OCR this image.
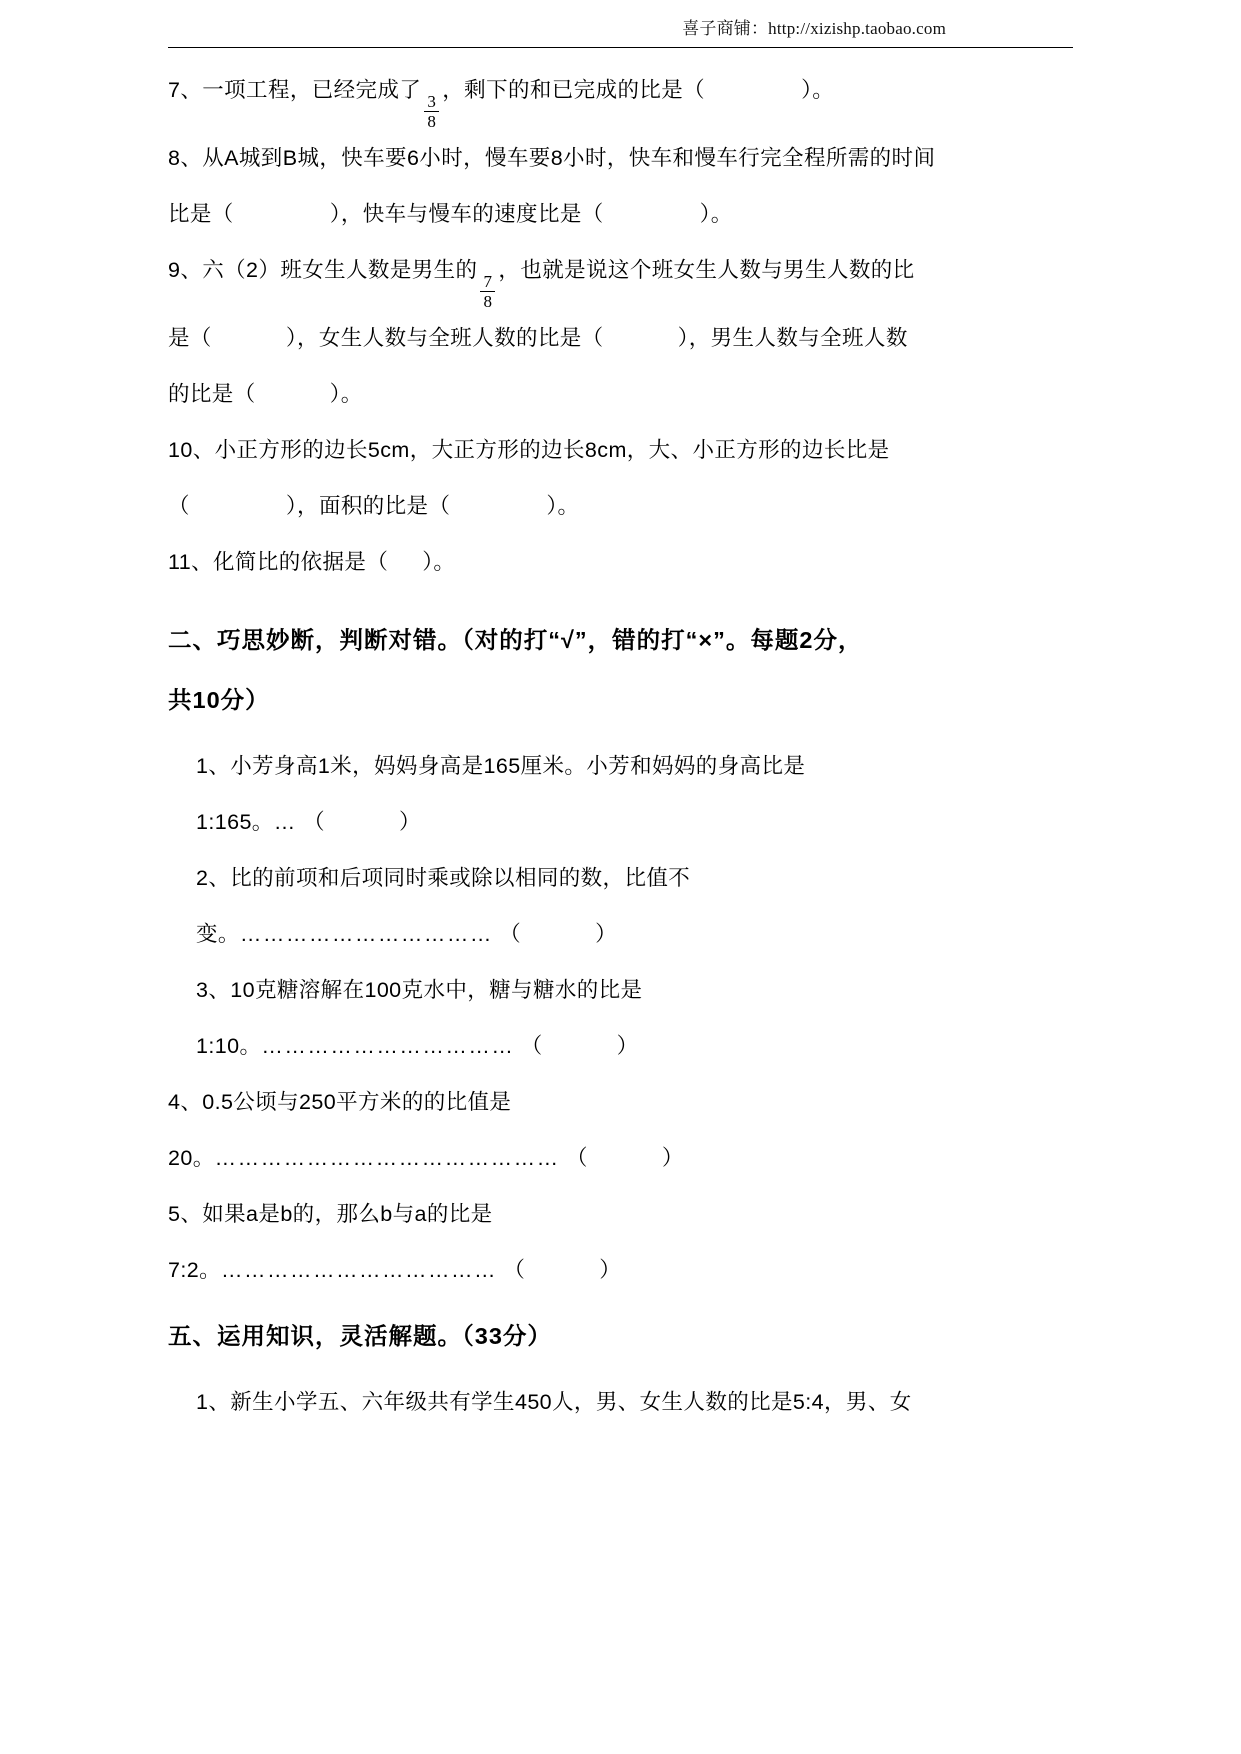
喜子商铺：http://xizishp.taobao.com
7、一项工程，已经完成了
$\frac{3}{8}$
，剩下的和已完成的比是（	）。
8、从A城到B城，快车要6小时，慢车要8小时，快车和慢车行完全程所需的时间
比是（	），快车与慢车的速度比是（	）。
9、六（2）班女生人数是男生的
$\frac{7}{8}$
，也就是说这个班女生人数与男生人数的比
是（	），女生人数与全班人数的比是（	），男生人数与全班人数
的比是（	）。
10、小正方形的边长5cm，大正方形的边长8cm，大、小正方形的边长比是
（	），面积的比是（	）。
11、化简比的依据是（ ）。
二、巧思妙断，判断对错。（对的打“√”，错的打“×”。每题2分，
共10分）
1、小芳身高1米，妈妈身高是165厘米。小芳和妈妈的身高比是
1:165。… （	）
2、比的前项和后项同时乘或除以相同的数，比值不
变。…………………………… （	）
3、10克糖溶解在100克水中，糖与糖水的比是
1:10。…………………………… （	）
4、0.5公顷与250平方米的的比值是
20。……………………………………… （	）
5、如果a是b的，那么b与a的比是
7:2。……………………………… （	）
五、运用知识，灵活解题。（33分）
1、新生小学五、六年级共有学生450人，男、女生人数的比是5:4，男、女
